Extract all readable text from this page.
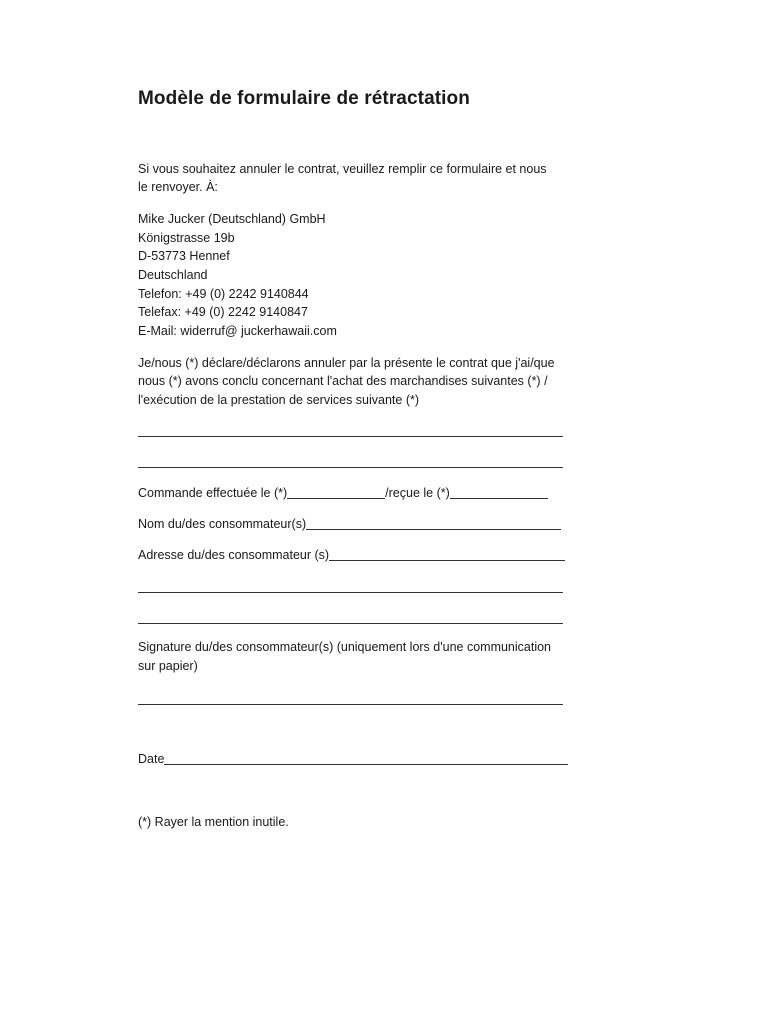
Modèle de formulaire de rétractation
Si vous souhaitez annuler le contrat, veuillez remplir ce formulaire et nous
le renvoyer. À:
Mike Jucker (Deutschland) GmbH
Königstrasse 19b
D-53773 Hennef
Deutschland
Telefon: +49 (0) 2242 9140844
Telefax: +49 (0) 2242 9140847
E-Mail: widerruf@ juckerhawaii.com
Je/nous (*) déclare/déclarons annuler par la présente le contrat que j'ai/que
nous (*) avons conclu concernant l'achat des marchandises suivantes (*) /
l'exécution de la prestation de services suivante (*)
Commande effectuée le (*)	/reçue le (*)
Nom du/des consommateur(s)
Adresse du/des consommateur (s)
Signature du/des consommateur(s) (uniquement lors d'une communication
sur papier)
Date
(*) Rayer la mention inutile.
